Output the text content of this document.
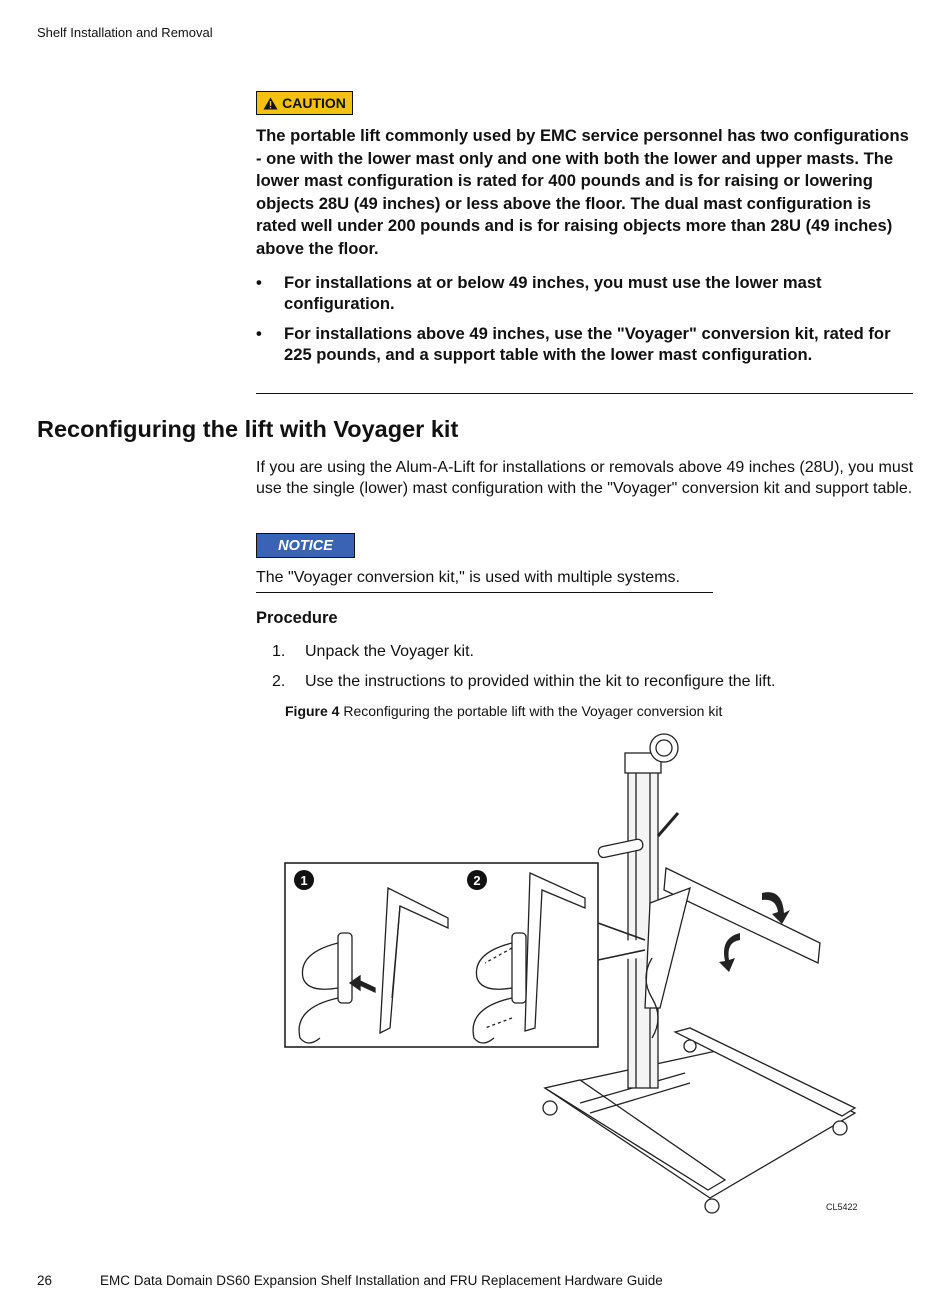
Shelf Installation and Removal
CAUTION
The portable lift commonly used by EMC service personnel has two configurations - one with the lower mast only and one with both the lower and upper masts. The lower mast configuration is rated for 400 pounds and is for raising or lowering objects 28U (49 inches) or less above the floor. The dual mast configuration is rated well under 200 pounds and is for raising objects more than 28U (49 inches) above the floor.
•	For installations at or below 49 inches, you must use the lower mast configuration.
•	For installations above 49 inches, use the "Voyager" conversion kit, rated for 225 pounds, and a support table with the lower mast configuration.
Reconfiguring the lift with Voyager kit
If you are using the Alum-A-Lift for installations or removals above 49 inches (28U), you must use the single (lower) mast configuration with the "Voyager" conversion kit and support table.
NOTICE
The "Voyager conversion kit," is used with multiple systems.
Procedure
1.	Unpack the Voyager kit.
2.	Use the instructions to provided within the kit to reconfigure the lift.
Figure 4 Reconfiguring the portable lift with the Voyager conversion kit
1	2
CL5422
26	EMC Data Domain DS60 Expansion Shelf Installation and FRU Replacement Hardware Guide
